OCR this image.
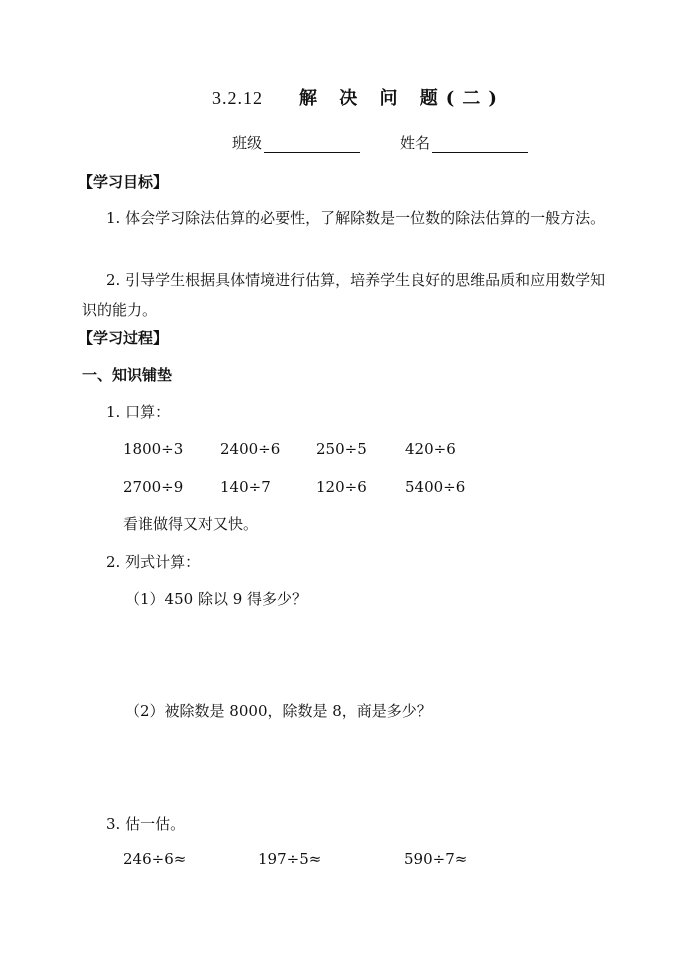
3.2.12 解 决 问 题(二)
班级	姓名
【学习目标】
1. 体会学习除法估算的必要性，了解除数是一位数的除法估算的一般方法。
2. 引导学生根据具体情境进行估算，培养学生良好的思维品质和应用数学知识的能力。
【学习过程】
一、知识铺垫
1. 口算：
1800÷3 2400÷6 250÷5	420÷6
2700÷9 140÷7	120÷6	5400÷6
看谁做得又对又快。
2. 列式计算：
（1）450 除以 9 得多少？
（2）被除数是 8000，除数是 8，商是多少？
3. 估一估。
246÷6≈	197÷5≈	590÷7≈
